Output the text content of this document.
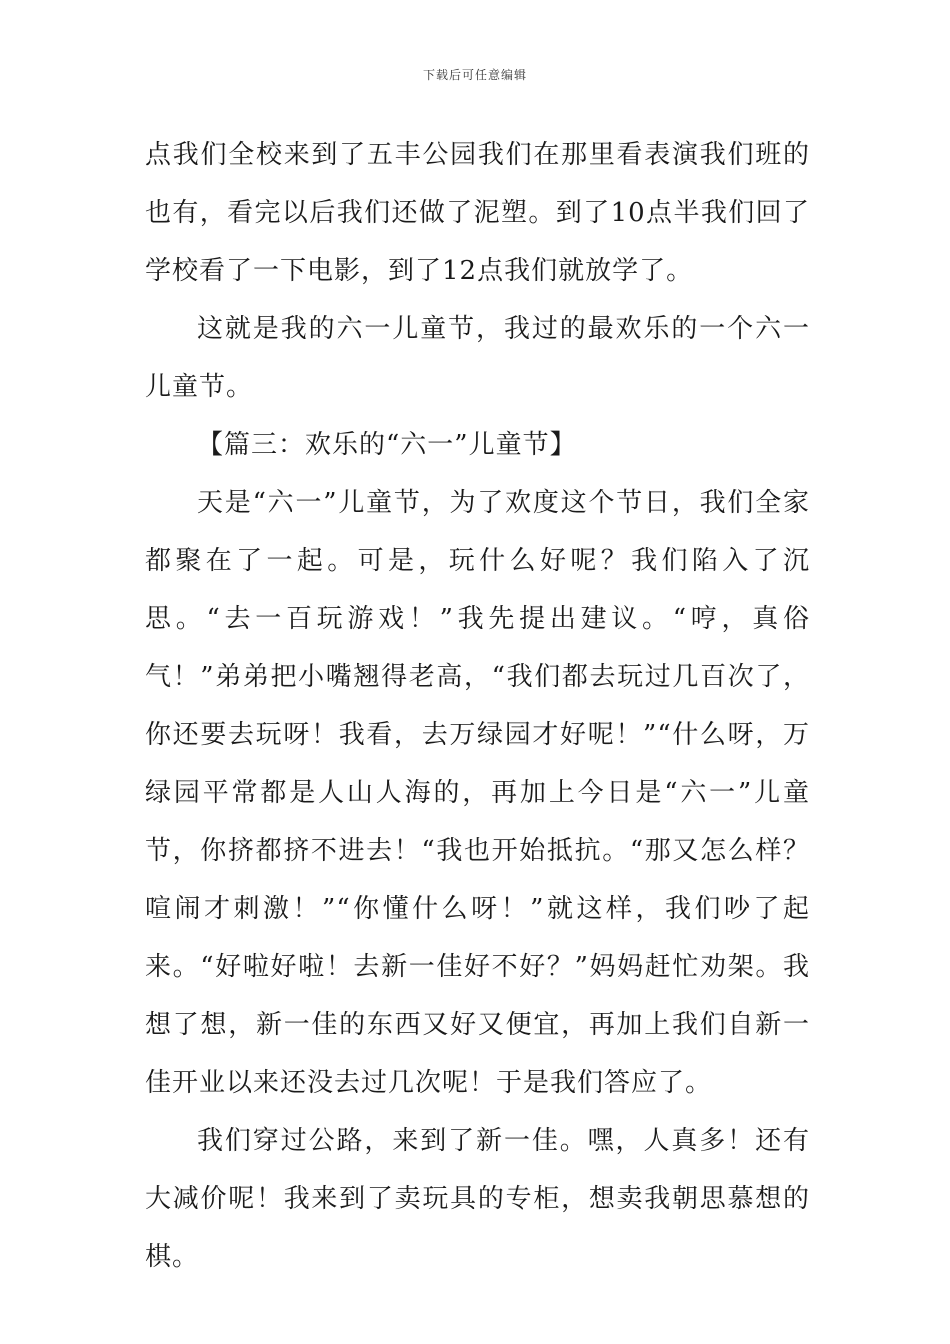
下载后可任意编辑

点我们全校来到了五丰公园我们在那里看表演我们班的也有，看完以后我们还做了泥塑。到了10点半我们回了学校看了一下电影，到了12点我们就放学了。

这就是我的六一儿童节，我过的最欢乐的一个六一儿童节。

【篇三：欢乐的“六一”儿童节】

天是“六一”儿童节，为了欢度这个节日，我们全家都聚在了一起。可是，玩什么好呢？我们陷入了沉思。“去一百玩游戏！”我先提出建议。“哼，真俗气！”弟弟把小嘴翘得老高，“我们都去玩过几百次了，你还要去玩呀！我看，去万绿园才好呢！”“什么呀，万绿园平常都是人山人海的，再加上今日是“六一”儿童节，你挤都挤不进去！“我也开始抵抗。“那又怎么样？喧闹才刺激！”“你懂什么呀！”就这样，我们吵了起来。“好啦好啦！去新一佳好不好？”妈妈赶忙劝架。我想了想，新一佳的东西又好又便宜，再加上我们自新一佳开业以来还没去过几次呢！于是我们答应了。

我们穿过公路，来到了新一佳。嘿，人真多！还有大减价呢！我来到了卖玩具的专柜，想卖我朝思慕想的棋。
